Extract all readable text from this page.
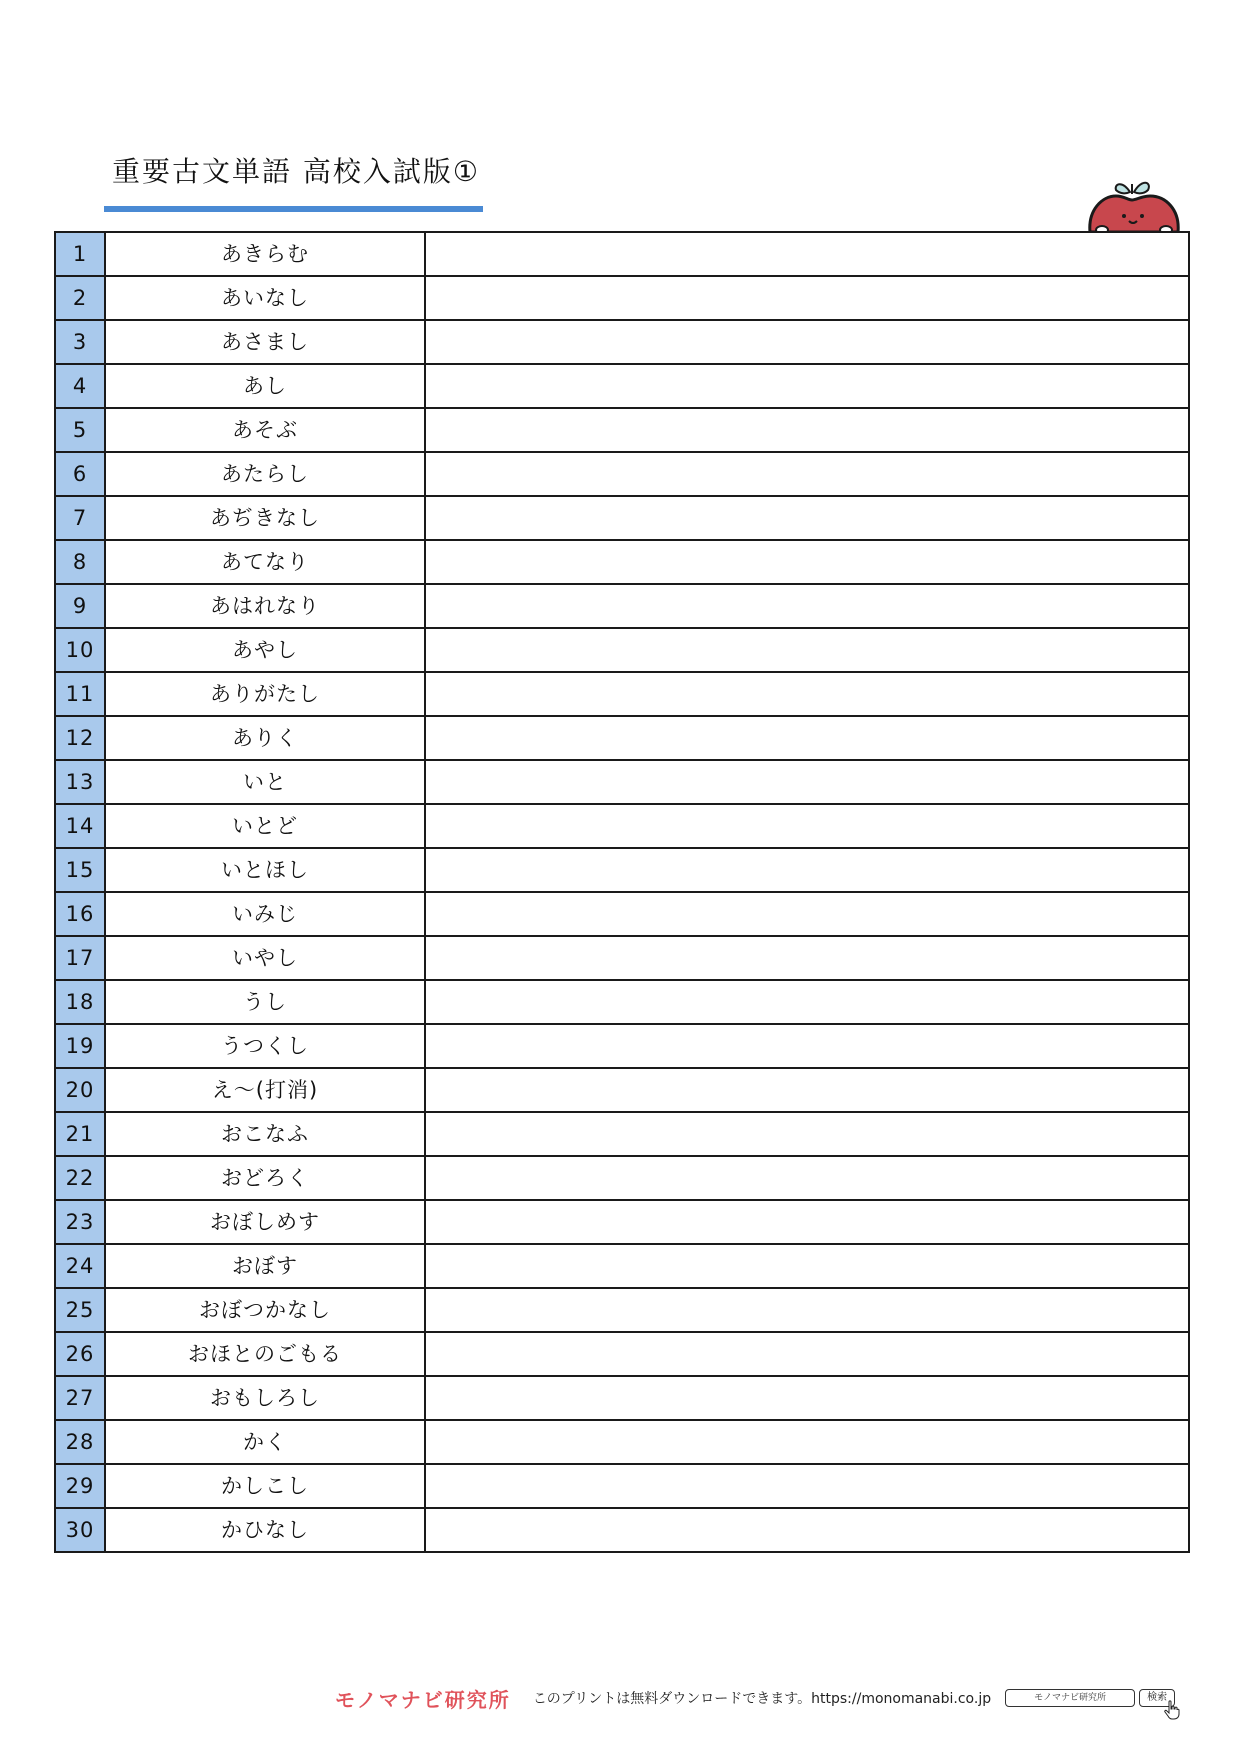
重要古文単語 高校入試版①
1	あきらむ	
2	あいなし	
3	あさまし	
4	あし	
5	あそぶ	
6	あたらし	
7	あぢきなし	
8	あてなり	
9	あはれなり	
10	あやし	
11	ありがたし	
12	ありく	
13	いと	
14	いとど	
15	いとほし	
16	いみじ	
17	いやし	
18	うし	
19	うつくし	
20	え～(打消)	
21	おこなふ	
22	おどろく	
23	おぼしめす	
24	おぼす	
25	おぼつかなし	
26	おほとのごもる	
27	おもしろし	
28	かく	
29	かしこし	
30	かひなし	
モノマナビ研究所 このプリントは無料ダウンロードできます。https://monomanabi.co.jp	モノマナビ研究所	検索
